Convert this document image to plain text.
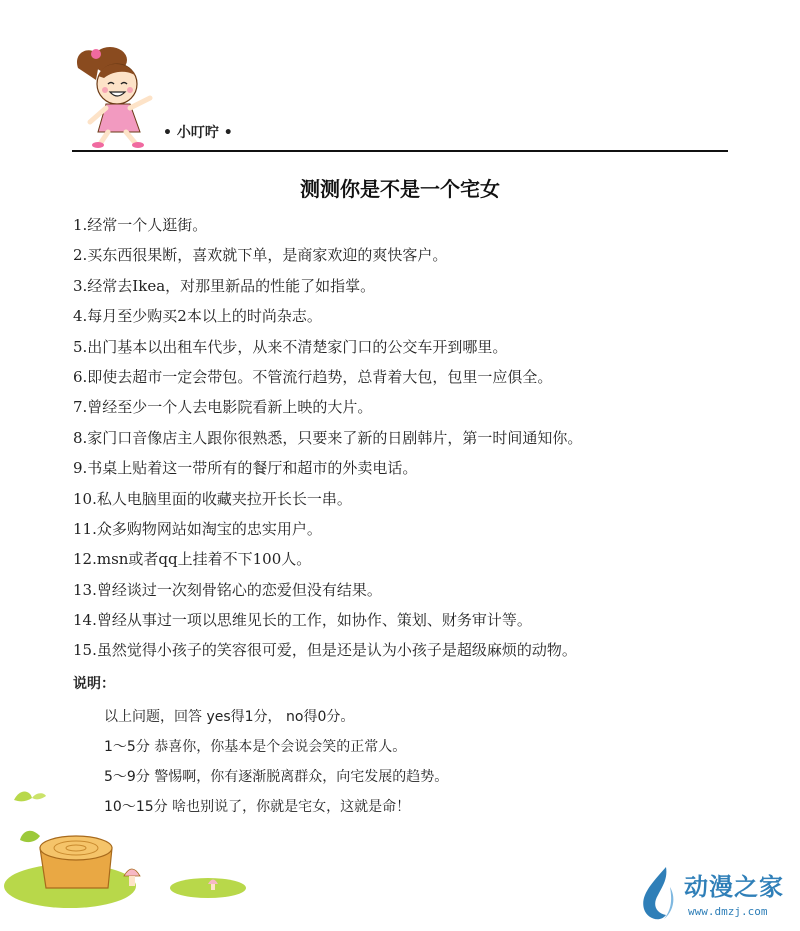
• 小叮咛 •
测测你是不是一个宅女
1.经常一个人逛街。
2.买东西很果断，喜欢就下单，是商家欢迎的爽快客户。
3.经常去Ikea，对那里新品的性能了如指掌。
4.每月至少购买2本以上的时尚杂志。
5.出门基本以出租车代步，从来不清楚家门口的公交车开到哪里。
6.即使去超市一定会带包。不管流行趋势，总背着大包，包里一应俱全。
7.曾经至少一个人去电影院看新上映的大片。
8.家门口音像店主人跟你很熟悉，只要来了新的日剧韩片，第一时间通知你。
9.书桌上贴着这一带所有的餐厅和超市的外卖电话。
10.私人电脑里面的收藏夹拉开长长一串。
11.众多购物网站如淘宝的忠实用户。
12.msn或者qq上挂着不下100人。
13.曾经谈过一次刻骨铭心的恋爱但没有结果。
14.曾经从事过一项以思维见长的工作，如协作、策划、财务审计等。
15.虽然觉得小孩子的笑容很可爱，但是还是认为小孩子是超级麻烦的动物。
说明：
以上问题，回答 yes得1分， no得0分。
1～5分 恭喜你，你基本是个会说会笑的正常人。
5～9分 警惕啊，你有逐渐脱离群众，向宅发展的趋势。
10～15分 啥也别说了，你就是宅女，这就是命！
动漫之家
www.dmzj.com
